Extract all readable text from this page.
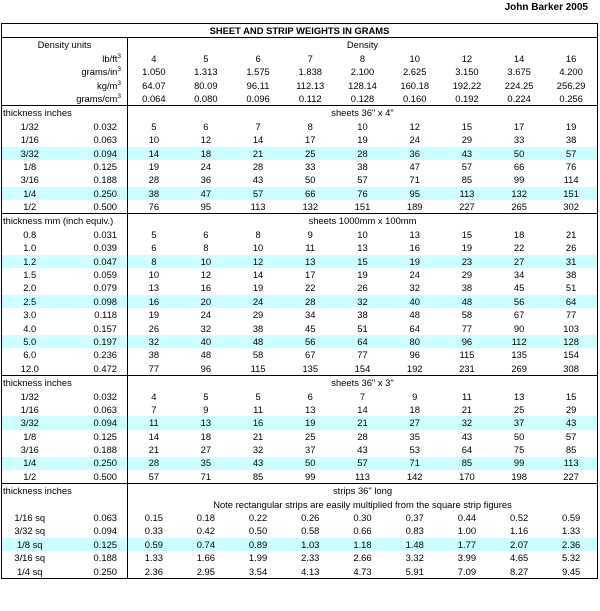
John Barker 2005
SHEET AND STRIP WEIGHTS IN GRAMS										
Density units		Density								
$lb/ft^3$		4	5	6	7	8	10	12	14	16
grams/$in^3$		1.050	1.313	1.575	1.838	2.100	2.625	3.150	3.675	4.200
$kg/m^3$		64.07	80.09	96.11	112.13	128.14	160.18	192.22	224.25	256.29
grams/$cm^3$		0.064	0.080	0.096	0.112	0.128	0.160	0.192	0.224	0.256
thickness inches		sheets 36" x 4"								
1/32	0.032	5	6	7	8	10	12	15	17	19
1/16	0.063	10	12	14	17	19	24	29	33	38
3/32	0.094	14	18	21	25	28	36	43	50	57
1/8	0.125	19	24	28	33	38	47	57	66	76
3/16	0.188	28	36	43	50	57	71	85	99	114
1/4	0.250	38	47	57	66	76	95	113	132	151
1/2	0.500	76	95	113	132	151	189	227	265	302
thickness mm (inch equiv.)		sheets 1000mm x 100mm								
0.8	0.031	5	6	8	9	10	13	15	18	21
1.0	0.039	6	8	10	11	13	16	19	22	26
1.2	0.047	8	10	12	13	15	19	23	27	31
1.5	0.059	10	12	14	17	19	24	29	34	38
2.0	0.079	13	16	19	22	26	32	38	45	51
2.5	0.098	16	20	24	28	32	40	48	56	64
3.0	0.118	19	24	29	34	38	48	58	67	77
4.0	0.157	26	32	38	45	51	64	77	90	103
5.0	0.197	32	40	48	56	64	80	96	112	128
6.0	0.236	38	48	58	67	77	96	115	135	154
12.0	0.472	77	96	115	135	154	192	231	269	308
thickness inches		sheets 36" x 3"								
1/32	0.032	4	5	5	6	7	9	11	13	15
1/16	0.063	7	9	11	13	14	18	21	25	29
3/32	0.094	11	13	16	19	21	27	32	37	43
1/8	0.125	14	18	21	25	28	35	43	50	57
3/16	0.188	21	27	32	37	43	53	64	75	85
1/4	0.250	28	35	43	50	57	71	85	99	113
1/2	0.500	57	71	85	99	113	142	170	198	227
thickness inches		strips 36" long								
		Note rectangular strips are easily multiplied from the square strip figures								
1/16 sq	0.063	0.15	0.18	0.22	0.26	0.30	0.37	0.44	0.52	0.59
3/32 sq	0.094	0.33	0.42	0.50	0.58	0.66	0.83	1.00	1.16	1.33
1/8 sq	0.125	0.59	0.74	0.89	1.03	1.18	1.48	1.77	2.07	2.36
3/16 sq	0.188	1.33	1.66	1.99	2.33	2.66	3.32	3.99	4.65	5.32
1/4 sq	0.250	2.36	2.95	3.54	4.13	4.73	5.91	7.09	8.27	9.45
